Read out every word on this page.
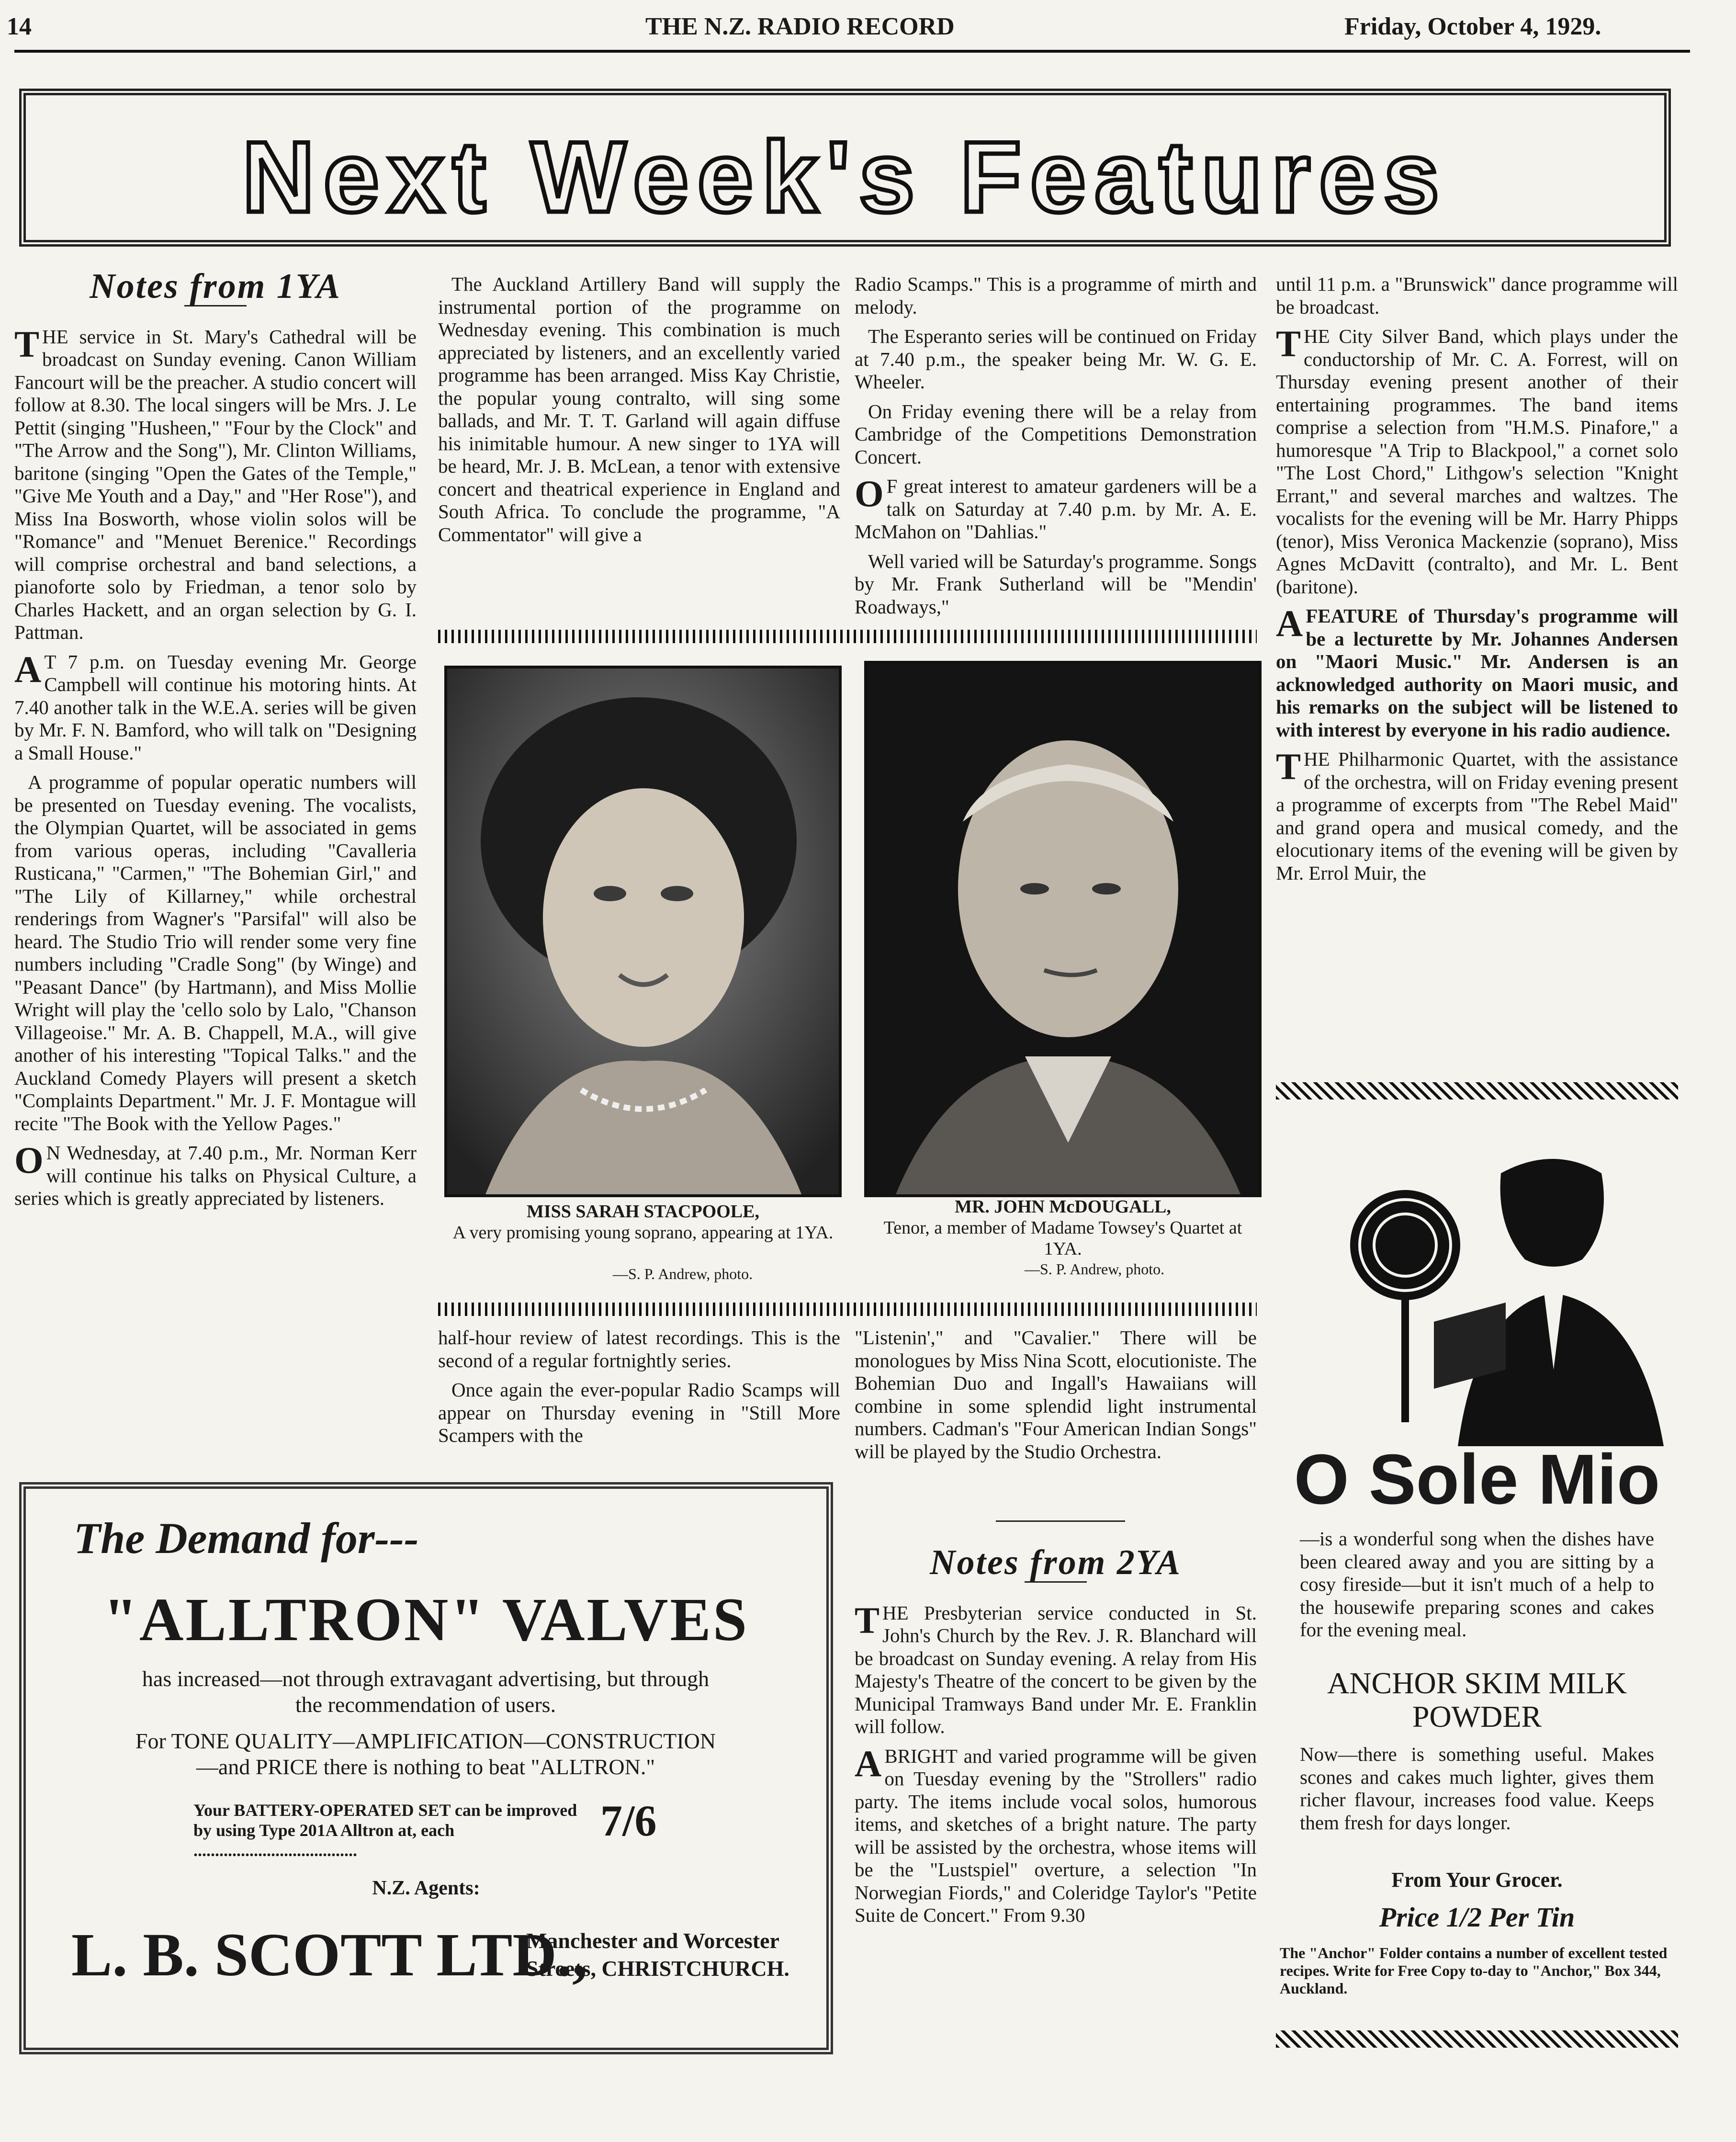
14	THE N.Z. RADIO RECORD	Friday, October 4, 1929.
Next Week's Features
Notes from 1YA

THE service in St. Mary's Cathedral will be broadcast on Sunday evening. Canon William Fancourt will be the preacher. A studio concert will follow at 8.30. The local singers will be Mrs. J. Le Pettit (singing "Husheen," "Four by the Clock" and "The Arrow and the Song"), Mr. Clinton Williams, baritone (singing "Open the Gates of the Temple," "Give Me Youth and a Day," and "Her Rose"), and Miss Ina Bosworth, whose violin solos will be "Romance" and "Menuet Berenice." Recordings will comprise orchestral and band selections, a pianoforte solo by Friedman, a tenor solo by Charles Hackett, and an organ selection by G. I. Pattman.

A T 7 p.m. on Tuesday evening Mr. George Campbell will continue his motoring hints. At 7.40 another talk in the W.E.A. series will be given by Mr. F. N. Bamford, who will talk on "Designing a Small House."

A programme of popular operatic numbers will be presented on Tuesday evening. The vocalists, the Olympian Quartet, will be associated in gems from various operas, including "Cavalleria Rusticana," "Carmen," "The Bohemian Girl," and "The Lily of Killarney," while orchestral renderings from Wagner's "Parsifal" will also be heard. The Studio Trio will render some very fine numbers including "Cradle Song" (by Winge) and "Peasant Dance" (by Hartmann), and Miss Mollie Wright will play the 'cello solo by Lalo, "Chanson Villageoise." Mr. A. B. Chappell, M.A., will give another of his interesting "Topical Talks." and the Auckland Comedy Players will present a sketch "Complaints Department." Mr. J. F. Montague will recite "The Book with the Yellow Pages."

O N Wednesday, at 7.40 p.m., Mr. Norman Kerr will continue his talks on Physical Culture, a series which is greatly appreciated by listeners.

The Auckland Artillery Band will supply the instrumental portion of the programme on Wednesday evening. This combination is much appreciated by listeners, and an excellently varied programme has been arranged. Miss Kay Christie, the popular young contralto, will sing some ballads, and Mr. T. T. Garland will again diffuse his inimitable humour. A new singer to 1YA will be heard, Mr. J. B. McLean, a tenor with extensive concert and theatrical experience in England and South Africa. To conclude the programme, "A Commentator" will give a

Radio Scamps." This is a programme of mirth and melody.

The Esperanto series will be continued on Friday at 7.40 p.m., the speaker being Mr. W. G. E. Wheeler.

On Friday evening there will be a relay from Cambridge of the Competitions Demonstration Concert.

O F great interest to amateur gardeners will be a talk on Saturday at 7.40 p.m. by Mr. A. E. McMahon on "Dahlias."

Well varied will be Saturday's programme. Songs by Mr. Frank Sutherland will be "Mendin' Roadways,"

MISS SARAH STACPOOLE,
A very promising young soprano, appearing at 1YA.
—S. P. Andrew, photo.
MR. JOHN McDOUGALL,
Tenor, a member of Madame Towsey's Quartet at 1YA.
—S. P. Andrew, photo.

half-hour review of latest recordings. This is the second of a regular fortnightly series.

Once again the ever-popular Radio Scamps will appear on Thursday evening in "Still More Scampers with the

"Listenin'," and "Cavalier." There will be monologues by Miss Nina Scott, elocutioniste. The Bohemian Duo and Ingall's Hawaiians will combine in some splendid light instrumental numbers. Cadman's "Four American Indian Songs" will be played by the Studio Orchestra.

Notes from 2YA

THE Presbyterian service conducted in St. John's Church by the Rev. J. R. Blanchard will be broadcast on Sunday evening. A relay from His Majesty's Theatre of the concert to be given by the Municipal Tramways Band under Mr. E. Franklin will follow.

ABRIGHT and varied programme will be given on Tuesday evening by the "Strollers" radio party. The items include vocal solos, humorous items, and sketches of a bright nature. The party will be assisted by the orchestra, whose items will be the "Lustspiel" overture, a selection "In Norwegian Fiords," and Coleridge Taylor's "Petite Suite de Concert." From 9.30

until 11 p.m. a "Brunswick" dance programme will be broadcast.

THE City Silver Band, which plays under the conductorship of Mr. C. A. Forrest, will on Thursday evening present another of their entertaining programmes. The band items comprise a selection from "H.M.S. Pinafore," a humoresque "A Trip to Blackpool," a cornet solo "The Lost Chord," Lithgow's selection "Knight Errant," and several marches and waltzes. The vocalists for the evening will be Mr. Harry Phipps (tenor), Miss Veronica Mackenzie (soprano), Miss Agnes McDavitt (contralto), and Mr. L. Bent (baritone).

AFEATURE of Thursday's programme will be a lecturette by Mr. Johannes Andersen on "Maori Music." Mr. Andersen is an acknowledged authority on Maori music, and his remarks on the subject will be listened to with interest by everyone in his radio audience.

THE Philharmonic Quartet, with the assistance of the orchestra, will on Friday evening present a programme of excerpts from "The Rebel Maid" and grand opera and musical comedy, and the elocutionary items of the evening will be given by Mr. Errol Muir, the

O Sole Mio

—is a wonderful song when the dishes have been cleared away and you are sitting by a cosy fireside—but it isn't much of a help to the housewife preparing scones and cakes for the evening meal.

ANCHOR SKIM MILK POWDER

Now—there is something useful. Makes scones and cakes much lighter, gives them richer flavour, increases food value. Keeps them fresh for days longer.

From Your Grocer.
Price 1/2 Per Tin
The "Anchor" Folder contains a number of excellent tested recipes. Write for Free Copy to-day to "Anchor," Box 344, Auckland.
The Demand for---
"ALLTRON" VALVES
has increased—not through extravagant advertising, but through the recommendation of users.
For TONE QUALITY—AMPLIFICATION—CONSTRUCTION—and PRICE there is nothing to beat "ALLTRON."
Your BATTERY-OPERATED SET can be improved by using Type 201A Alltron at, each ......................................
7/6
N.Z. Agents:
L. B. SCOTT LTD.,
Manchester and Worcester Streets, CHRISTCHURCH.
